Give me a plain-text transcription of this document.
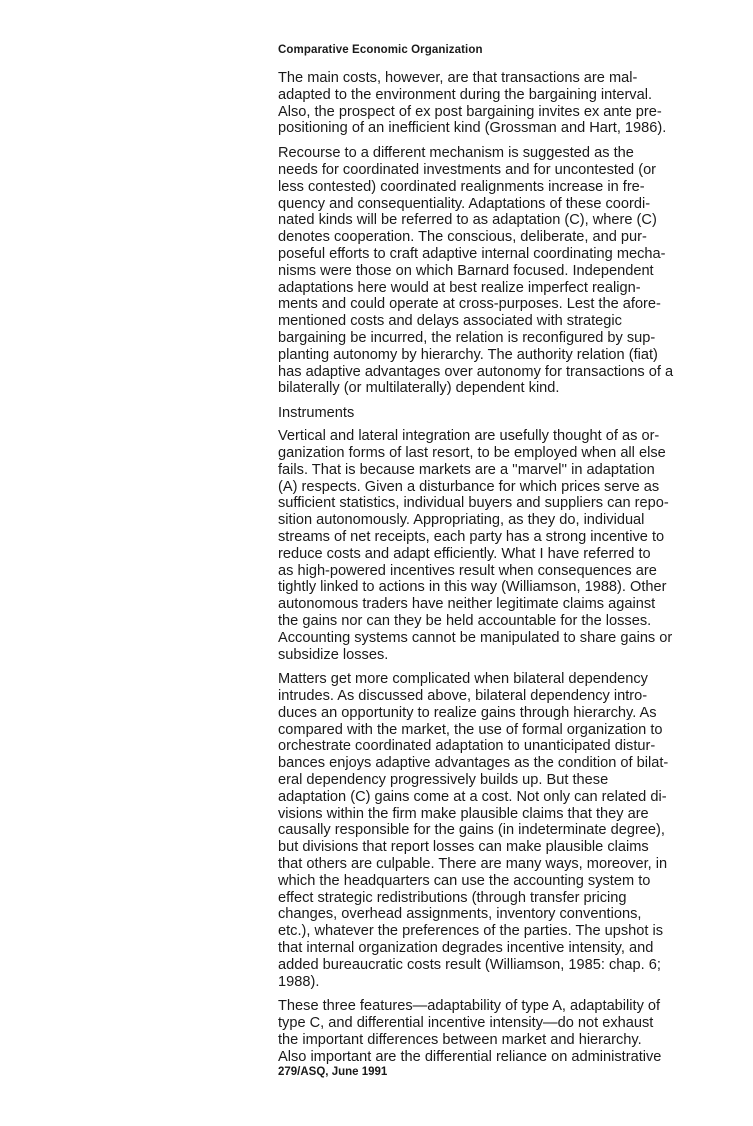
Comparative Economic Organization
The main costs, however, are that transactions are mal-
adapted to the environment during the bargaining interval.
Also, the prospect of ex post bargaining invites ex ante pre-
positioning of an inefficient kind (Grossman and Hart, 1986).
Recourse to a different mechanism is suggested as the
needs for coordinated investments and for uncontested (or
less contested) coordinated realignments increase in fre-
quency and consequentiality. Adaptations of these coordi-
nated kinds will be referred to as adaptation (C), where (C)
denotes cooperation. The conscious, deliberate, and pur-
poseful efforts to craft adaptive internal coordinating mecha-
nisms were those on which Barnard focused. Independent
adaptations here would at best realize imperfect realign-
ments and could operate at cross-purposes. Lest the afore-
mentioned costs and delays associated with strategic
bargaining be incurred, the relation is reconfigured by sup-
planting autonomy by hierarchy. The authority relation (fiat)
has adaptive advantages over autonomy for transactions of a
bilaterally (or multilaterally) dependent kind.
Instruments
Vertical and lateral integration are usefully thought of as or-
ganization forms of last resort, to be employed when all else
fails. That is because markets are a ''marvel'' in adaptation
(A) respects. Given a disturbance for which prices serve as
sufficient statistics, individual buyers and suppliers can repo-
sition autonomously. Appropriating, as they do, individual
streams of net receipts, each party has a strong incentive to
reduce costs and adapt efficiently. What I have referred to
as high-powered incentives result when consequences are
tightly linked to actions in this way (Williamson, 1988). Other
autonomous traders have neither legitimate claims against
the gains nor can they be held accountable for the losses.
Accounting systems cannot be manipulated to share gains or
subsidize losses.
Matters get more complicated when bilateral dependency
intrudes. As discussed above, bilateral dependency intro-
duces an opportunity to realize gains through hierarchy. As
compared with the market, the use of formal organization to
orchestrate coordinated adaptation to unanticipated distur-
bances enjoys adaptive advantages as the condition of bilat-
eral dependency progressively builds up. But these
adaptation (C) gains come at a cost. Not only can related di-
visions within the firm make plausible claims that they are
causally responsible for the gains (in indeterminate degree),
but divisions that report losses can make plausible claims
that others are culpable. There are many ways, moreover, in
which the headquarters can use the accounting system to
effect strategic redistributions (through transfer pricing
changes, overhead assignments, inventory conventions,
etc.), whatever the preferences of the parties. The upshot is
that internal organization degrades incentive intensity, and
added bureaucratic costs result (Williamson, 1985: chap. 6;
1988).
These three features—adaptability of type A, adaptability of
type C, and differential incentive intensity—do not exhaust
the important differences between market and hierarchy.
Also important are the differential reliance on administrative
279/ASQ, June 1991
